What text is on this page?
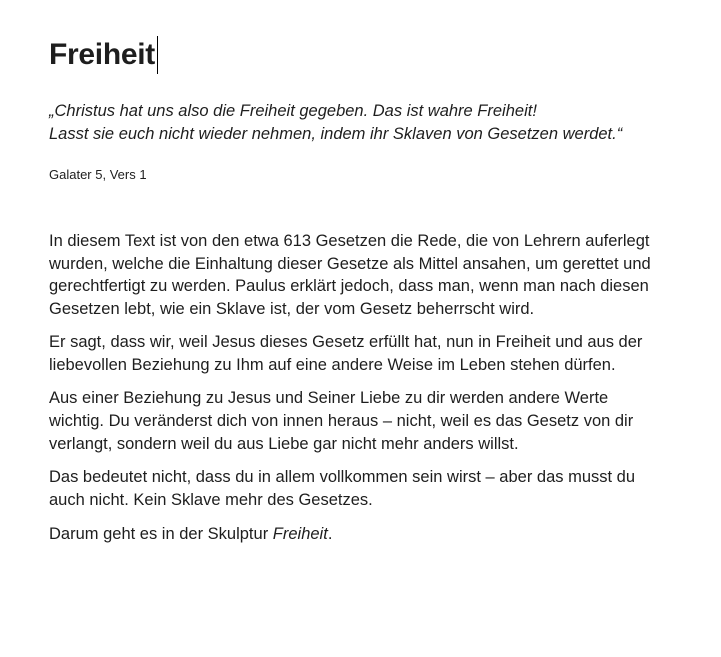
Freiheit
„Christus hat uns also die Freiheit gegeben. Das ist wahre Freiheit!
Lasst sie euch nicht wieder nehmen, indem ihr Sklaven von Gesetzen werdet.“
Galater 5, Vers 1

In diesem Text ist von den etwa 613 Gesetzen die Rede, die von Lehrern auferlegt wurden, welche die Einhaltung dieser Gesetze als Mittel ansahen, um gerettet und gerechtfertigt zu werden. Paulus erklärt jedoch, dass man, wenn man nach diesen Gesetzen lebt, wie ein Sklave ist, der vom Gesetz beherrscht wird.

Er sagt, dass wir, weil Jesus dieses Gesetz erfüllt hat, nun in Freiheit und aus der liebevollen Beziehung zu Ihm auf eine andere Weise im Leben stehen dürfen.

Aus einer Beziehung zu Jesus und Seiner Liebe zu dir werden andere Werte wichtig. Du veränderst dich von innen heraus – nicht, weil es das Gesetz von dir verlangt, sondern weil du aus Liebe gar nicht mehr anders willst.

Das bedeutet nicht, dass du in allem vollkommen sein wirst – aber das musst du auch nicht. Kein Sklave mehr des Gesetzes.

Darum geht es in der Skulptur Freiheit.
